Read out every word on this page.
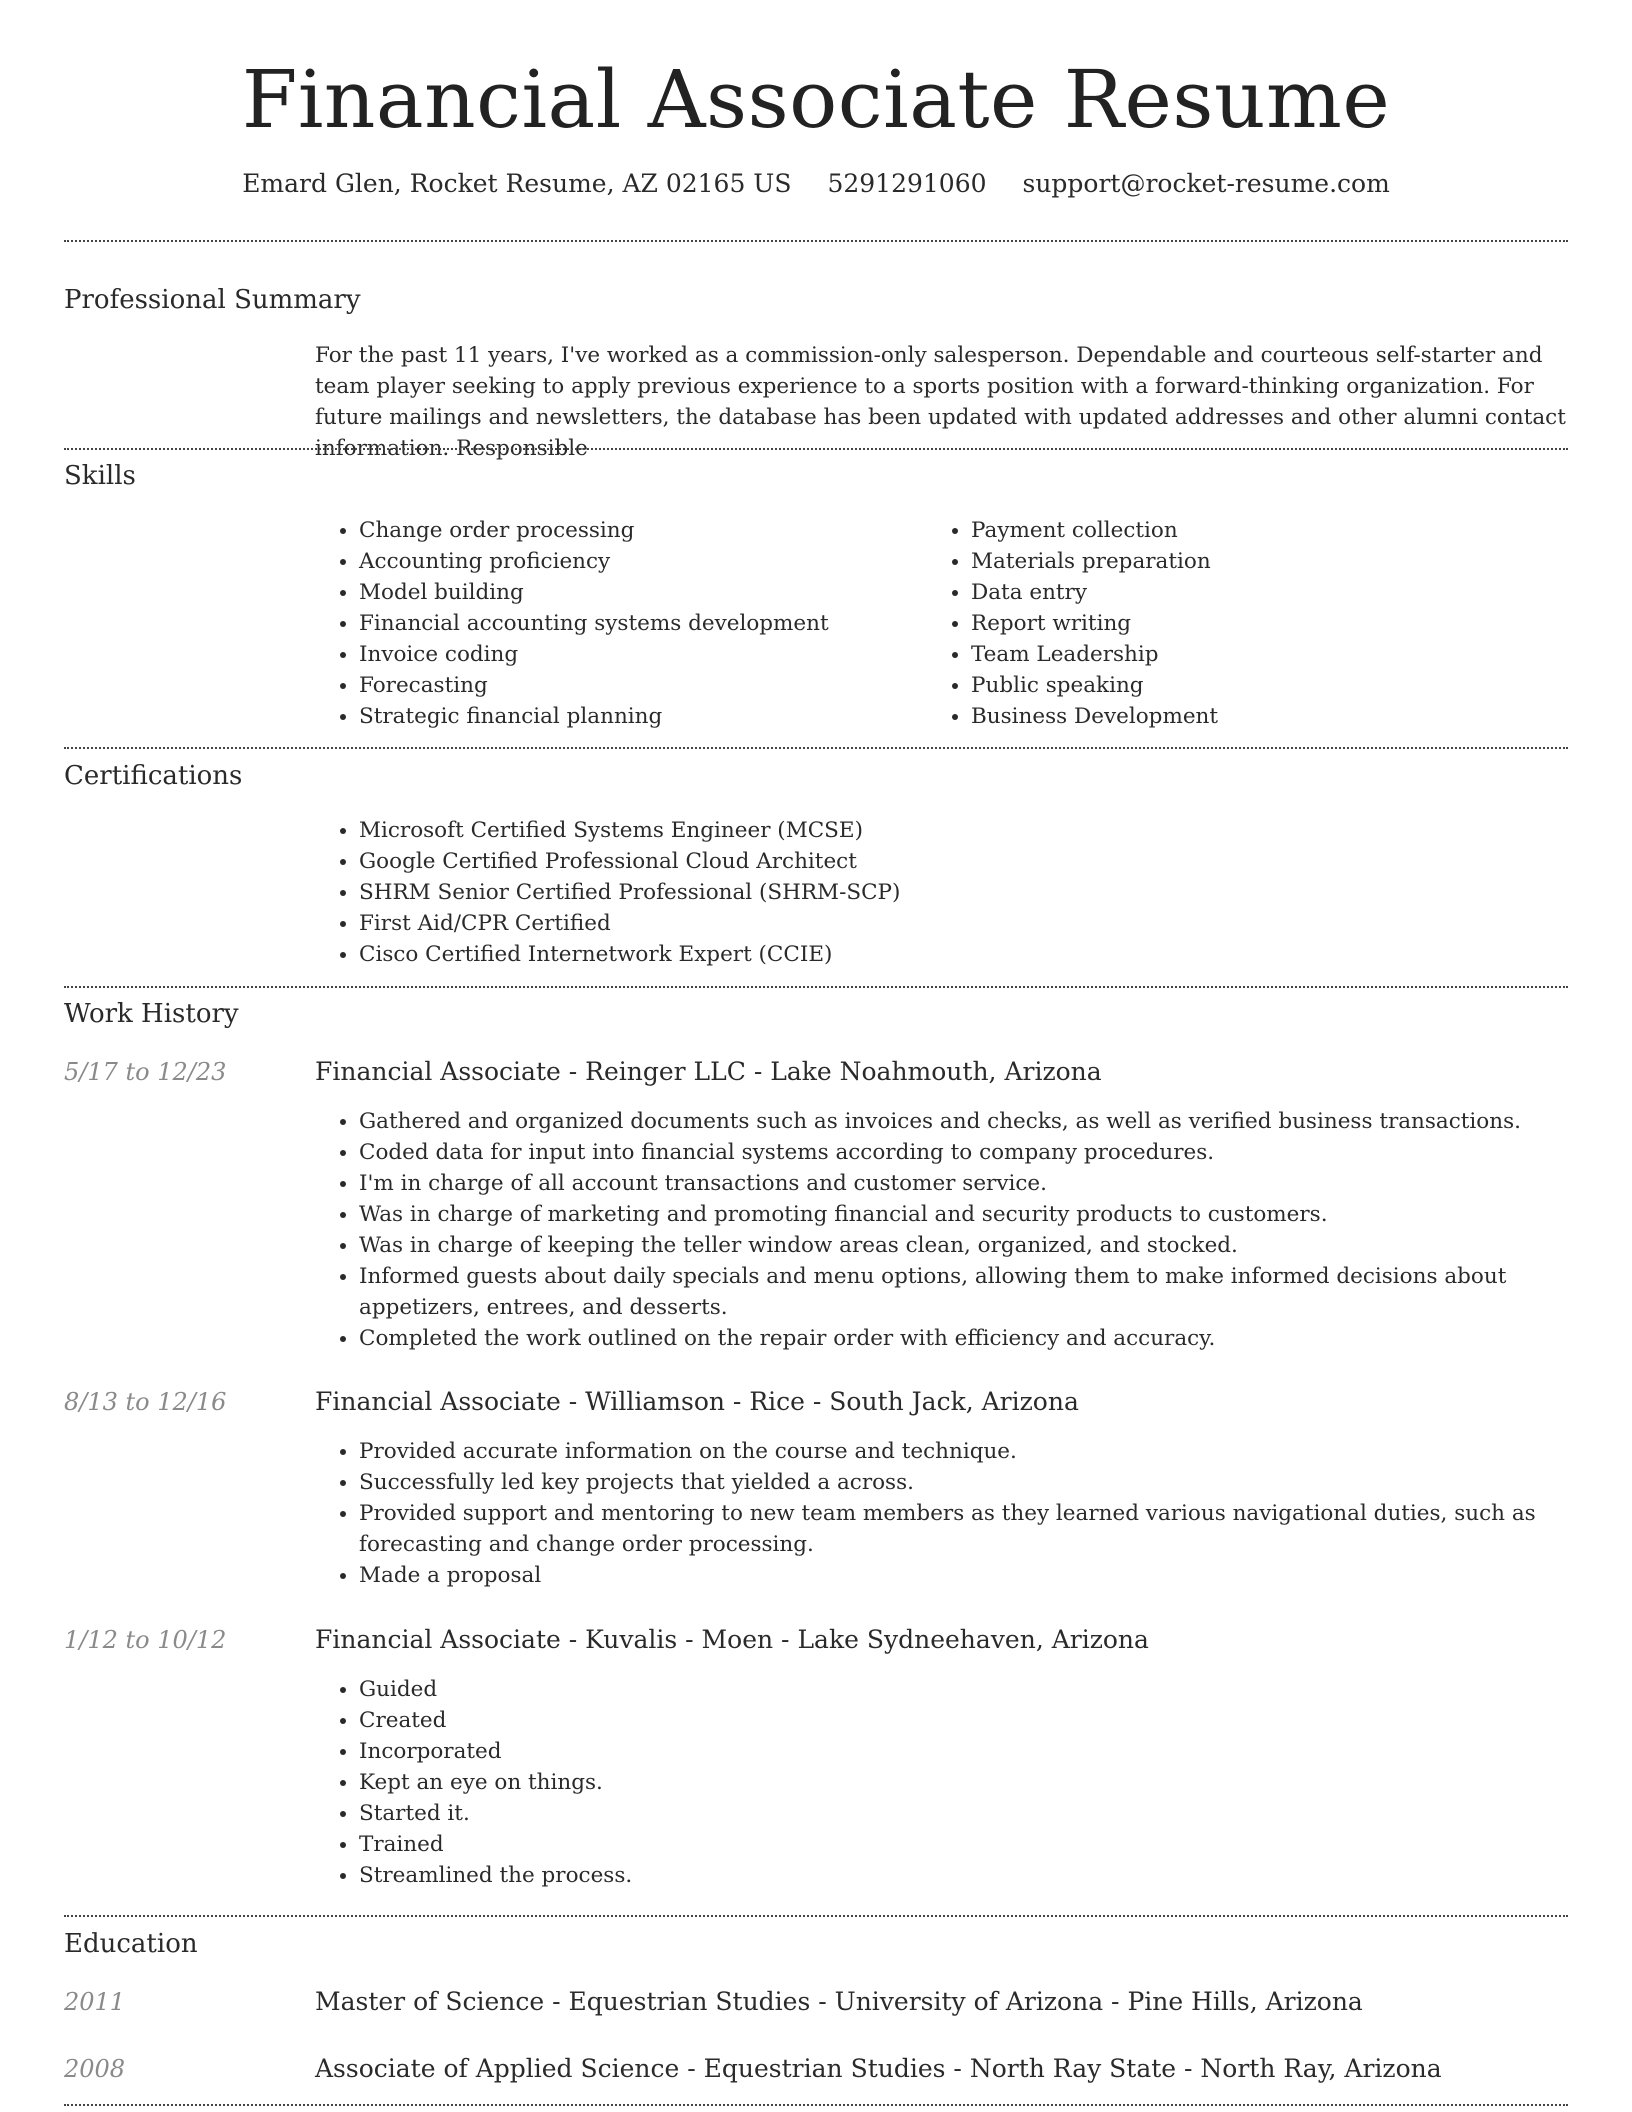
Financial Associate Resume
Emard Glen, Rocket Resume, AZ 02165 US 5291291060 support@rocket-resume.com
Professional Summary
For the past 11 years, I've worked as a commission-only salesperson. Dependable and courteous self-starter and team player seeking to apply previous experience to a sports position with a forward-thinking organization. For future mailings and newsletters, the database has been updated with updated addresses and other alumni contact information. Responsible
Skills
• Change order processing
• Accounting proficiency
• Model building
• Financial accounting systems development
• Invoice coding
• Forecasting
• Strategic financial planning
• Payment collection
• Materials preparation
• Data entry
• Report writing
• Team Leadership
• Public speaking
• Business Development
Certifications
• Microsoft Certified Systems Engineer (MCSE)
• Google Certified Professional Cloud Architect
• SHRM Senior Certified Professional (SHRM-SCP)
• First Aid/CPR Certified
• Cisco Certified Internetwork Expert (CCIE)
Work History
5/17 to 12/23	Financial Associate - Reinger LLC - Lake Noahmouth, Arizona
• Gathered and organized documents such as invoices and checks, as well as verified business transactions.
• Coded data for input into financial systems according to company procedures.
• I'm in charge of all account transactions and customer service.
• Was in charge of marketing and promoting financial and security products to customers.
• Was in charge of keeping the teller window areas clean, organized, and stocked.
• Informed guests about daily specials and menu options, allowing them to make informed decisions about appetizers, entrees, and desserts.
• Completed the work outlined on the repair order with efficiency and accuracy.
8/13 to 12/16	Financial Associate - Williamson - Rice - South Jack, Arizona
• Provided accurate information on the course and technique.
• Successfully led key projects that yielded a across.
• Provided support and mentoring to new team members as they learned various navigational duties, such as forecasting and change order processing.
• Made a proposal
1/12 to 10/12	Financial Associate - Kuvalis - Moen - Lake Sydneehaven, Arizona
• Guided
• Created
• Incorporated
• Kept an eye on things.
• Started it.
• Trained
• Streamlined the process.
Education
2011	Master of Science - Equestrian Studies - University of Arizona - Pine Hills, Arizona
2008	Associate of Applied Science - Equestrian Studies - North Ray State - North Ray, Arizona
